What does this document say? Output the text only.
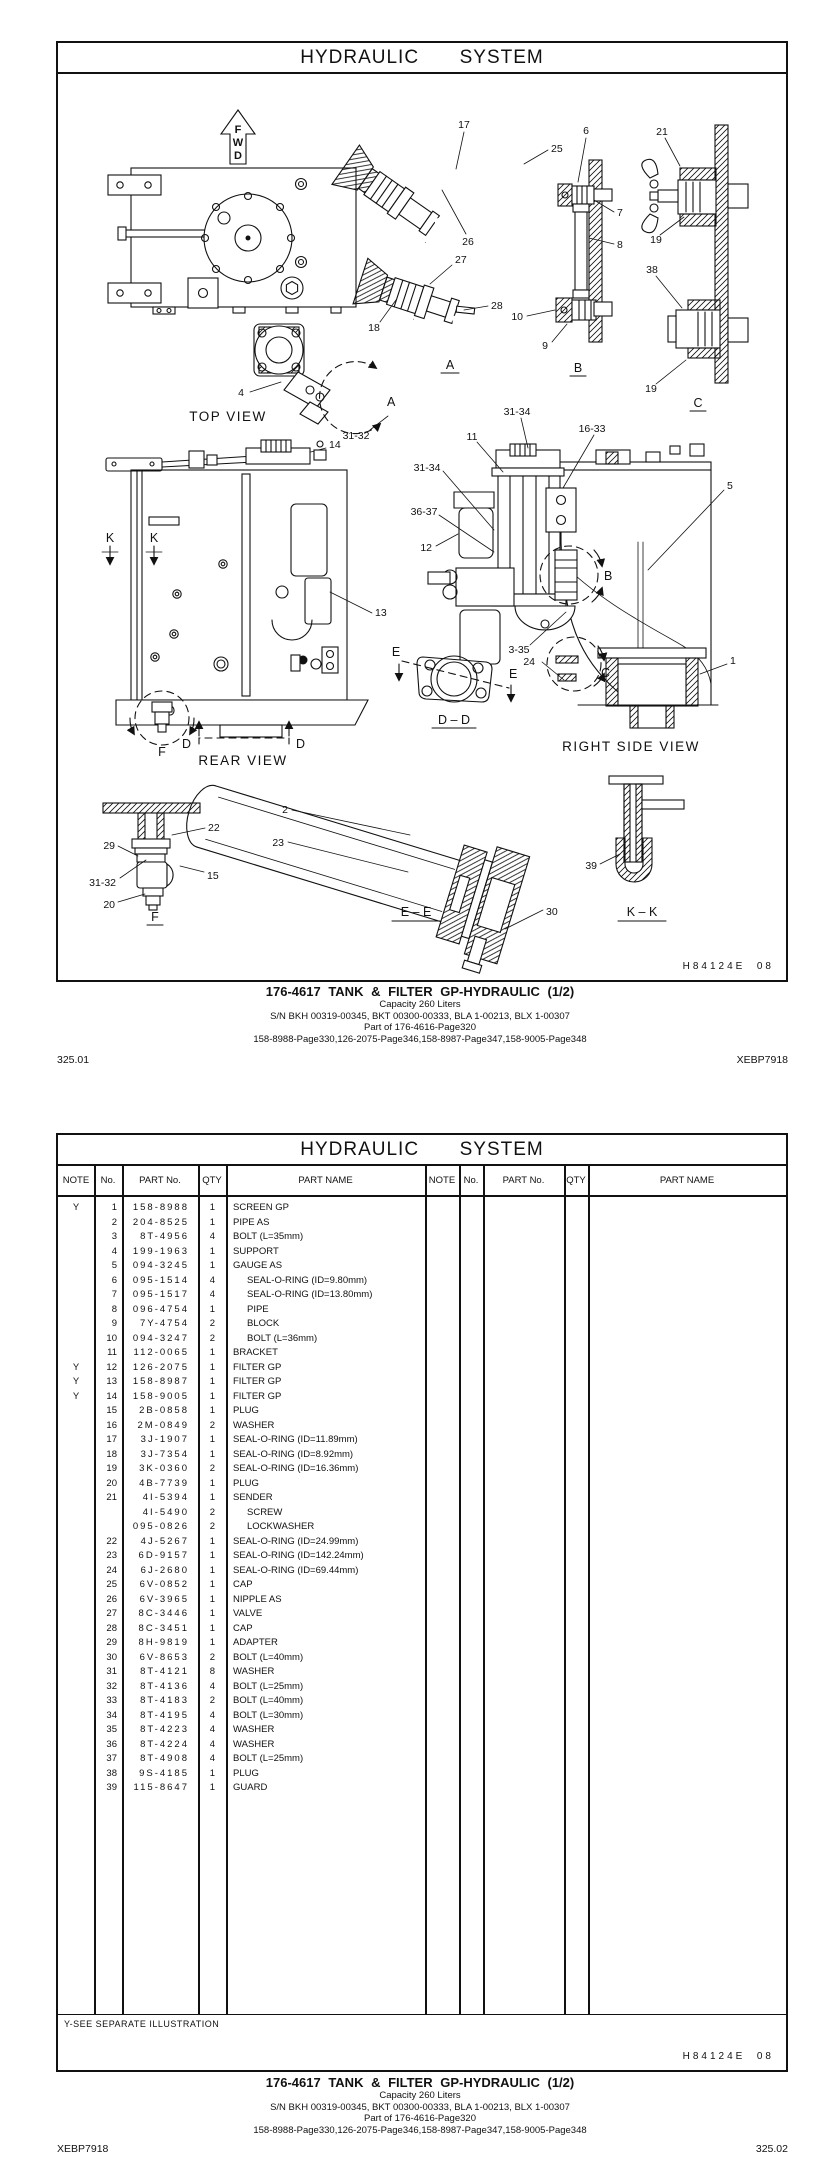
HYDRAULIC  SYSTEM
F
W
D
TOP VIEW
A
4
31-32
14
17
25
26
27
28
18
A
6
7
8
10
9
B
21
19
38
19
C
K	K
D	D
REAR VIEW
F
13
B
C
31-34
11
16-33
31-34
36-37
12
3-35
24
5
1
RIGHT SIDE VIEW
E
E
D – D
22
29
31-32
15
20
F
2
23
30
E – E
39
K – K
H84124E 08
176-4617 TANK & FILTER GP-HYDRAULIC (1/2)
Capacity 260 Liters
S/N BKH 00319-00345, BKT 00300-00333, BLA 1-00213, BLX 1-00307
Part of 176-4616-Page320
158-8988-Page330,126-2075-Page346,158-8987-Page347,158-9005-Page348
325.01	XEBP7918
HYDRAULIC  SYSTEM
NOTE	No.	PART No.	QTY	PART NAME	NOTE No.	PART No.	QTY	PART NAME
Y	1	158-8988	1	SCREEN GP
2	204-8525	1	PIPE AS
3	8T-4956	4	BOLT (L=35mm)
4	199-1963	1	SUPPORT
5	094-3245	1	GAUGE AS
6	095-1514	4	SEAL-O-RING (ID=9.80mm)
7	095-1517	4	SEAL-O-RING (ID=13.80mm)
8	096-4754	1	PIPE
9	7Y-4754	2	BLOCK
10	094-3247	2	BOLT (L=36mm)
11	112-0065	1	BRACKET
Y	12	126-2075	1	FILTER GP
Y	13	158-8987	1	FILTER GP
Y	14	158-9005	1	FILTER GP
15	2B-0858	1	PLUG
16	2M-0849	2	WASHER
17	3J-1907	1	SEAL-O-RING (ID=11.89mm)
18	3J-7354	1	SEAL-O-RING (ID=8.92mm)
19	3K-0360	2	SEAL-O-RING (ID=16.36mm)
20	4B-7739	1	PLUG
21	4I-5394	1	SENDER
4I-5490	2	SCREW
095-0826	2	LOCKWASHER
22	4J-5267	1	SEAL-O-RING (ID=24.99mm)
23	6D-9157	1	SEAL-O-RING (ID=142.24mm)
24	6J-2680	1	SEAL-O-RING (ID=69.44mm)
25	6V-0852	1	CAP
26	6V-3965	1	NIPPLE AS
27	8C-3446	1	VALVE
28	8C-3451	1	CAP
29	8H-9819	1	ADAPTER
30	6V-8653	2	BOLT (L=40mm)
31	8T-4121	8	WASHER
32	8T-4136	4	BOLT (L=25mm)
33	8T-4183	2	BOLT (L=40mm)
34	8T-4195	4	BOLT (L=30mm)
35	8T-4223	4	WASHER
36	8T-4224	4	WASHER
37	8T-4908	4	BOLT (L=25mm)
38	9S-4185	1	PLUG
39	115-8647	1	GUARD
Y-SEE SEPARATE ILLUSTRATION
H84124E 08
176-4617 TANK & FILTER GP-HYDRAULIC (1/2)
Capacity 260 Liters
S/N BKH 00319-00345, BKT 00300-00333, BLA 1-00213, BLX 1-00307
Part of 176-4616-Page320
158-8988-Page330,126-2075-Page346,158-8987-Page347,158-9005-Page348
XEBP7918	325.02
